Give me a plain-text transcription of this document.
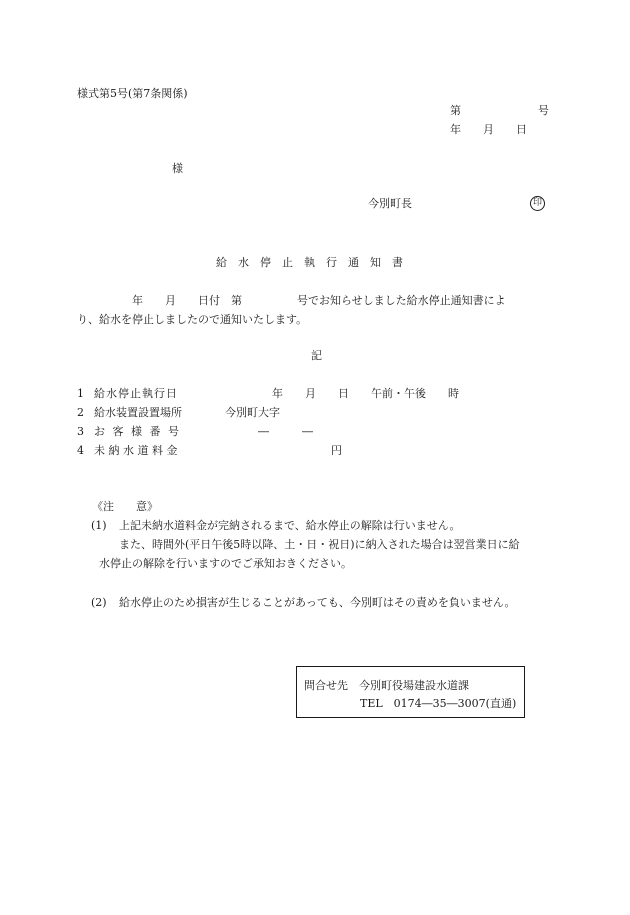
様式第5号(第7条関係)
第　　　　　　　号
年　　月　　日
様
今別町長	印
給　水　停　止　執　行　通　知　書
　　　　　年　　月　　日付　第　　　　　号でお知らせしました給水停止通知書によ
り、給水を停止しましたので通知いたします。
記
1 給水停止執行日	年　　月　　日　　午前・午後　　時
2 給水装置設置場所	今別町大字
3 お 客 様 番 号	―　　　―
4 未 納 水 道 料 金	円
《注　　意》
(1) 上記未納水道料金が完納されるまで、給水停止の解除は行いません。
また、時間外(平日午後5時以降、土・日・祝日)に納入された場合は翌営業日に給
水停止の解除を行いますのでご承知おきください。
(2) 給水停止のため損害が生じることがあっても、今別町はその責めを負いません。
問合せ先　今別町役場建設水道課
TEL　0174―35―3007(直通)
